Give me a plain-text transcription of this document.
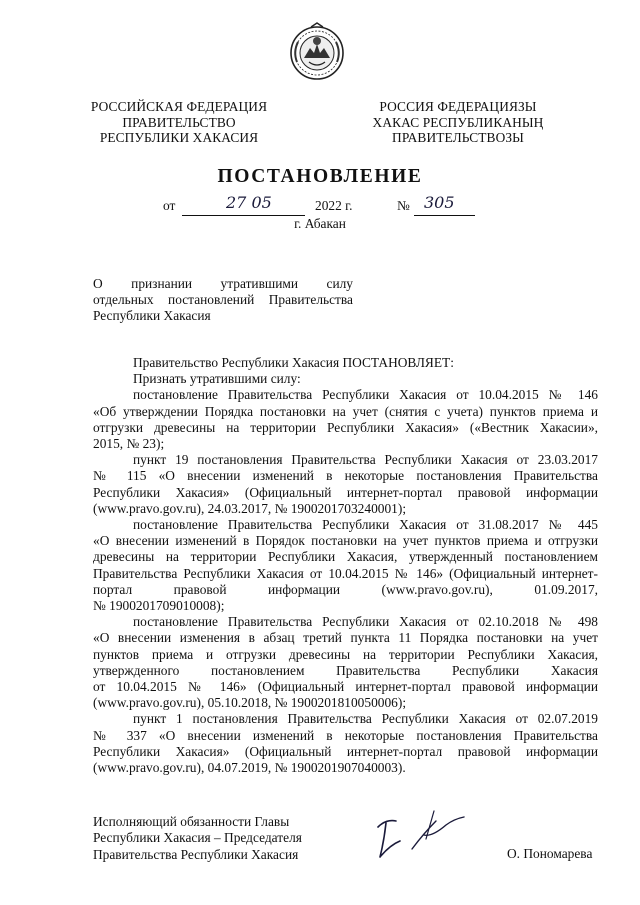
РОССИЙСКАЯ ФЕДЕРАЦИЯ
ПРАВИТЕЛЬСТВО
РЕСПУБЛИКИ ХАКАСИЯ
РОССИЯ ФЕДЕРАЦИЯЗЫ
ХАКАС РЕСПУБЛИКАНЫҢ
ПРАВИТЕЛЬСТВОЗЫ
ПОСТАНОВЛЕНИЕ
от	27 05	2022 г.	№ 305
г. Абакан
О признании утратившими силу
отдельных постановлений Правительства
Республики Хакасия
Правительство Республики Хакасия ПОСТАНОВЛЯЕТ:
Признать утратившими силу:
постановление Правительства Республики Хакасия от 10.04.2015 № 146
«Об утверждении Порядка постановки на учет (снятия с учета) пунктов приема и
отгрузки древесины на территории Республики Хакасия» («Вестник Хакасии»,
2015, № 23);
пункт 19 постановления Правительства Республики Хакасия от 23.03.2017
№ 115 «О внесении изменений в некоторые постановления Правительства
Республики Хакасия» (Официальный интернет-портал правовой информации
(www.pravo.gov.ru), 24.03.2017, № 1900201703240001);
постановление Правительства Республики Хакасия от 31.08.2017 № 445
«О внесении изменений в Порядок постановки на учет пунктов приема и отгрузки
древесины на территории Республики Хакасия, утвержденный постановлением
Правительства Республики Хакасия от 10.04.2015 № 146» (Официальный интернет-
портал правовой информации (www.pravo.gov.ru), 01.09.2017,
№ 1900201709010008);
постановление Правительства Республики Хакасия от 02.10.2018 № 498
«О внесении изменения в абзац третий пункта 11 Порядка постановки на учет
пунктов приема и отгрузки древесины на территории Республики Хакасия,
утвержденного постановлением Правительства Республики Хакасия
от 10.04.2015 № 146» (Официальный интернет-портал правовой информации
(www.pravo.gov.ru), 05.10.2018, № 1900201810050006);
пункт 1 постановления Правительства Республики Хакасия от 02.07.2019
№ 337 «О внесении изменений в некоторые постановления Правительства
Республики Хакасия» (Официальный интернет-портал правовой информации
(www.pravo.gov.ru), 04.07.2019, № 1900201907040003).
Исполняющий обязанности Главы
Республики Хакасия – Председателя
Правительства Республики Хакасия	О. Пономарева
